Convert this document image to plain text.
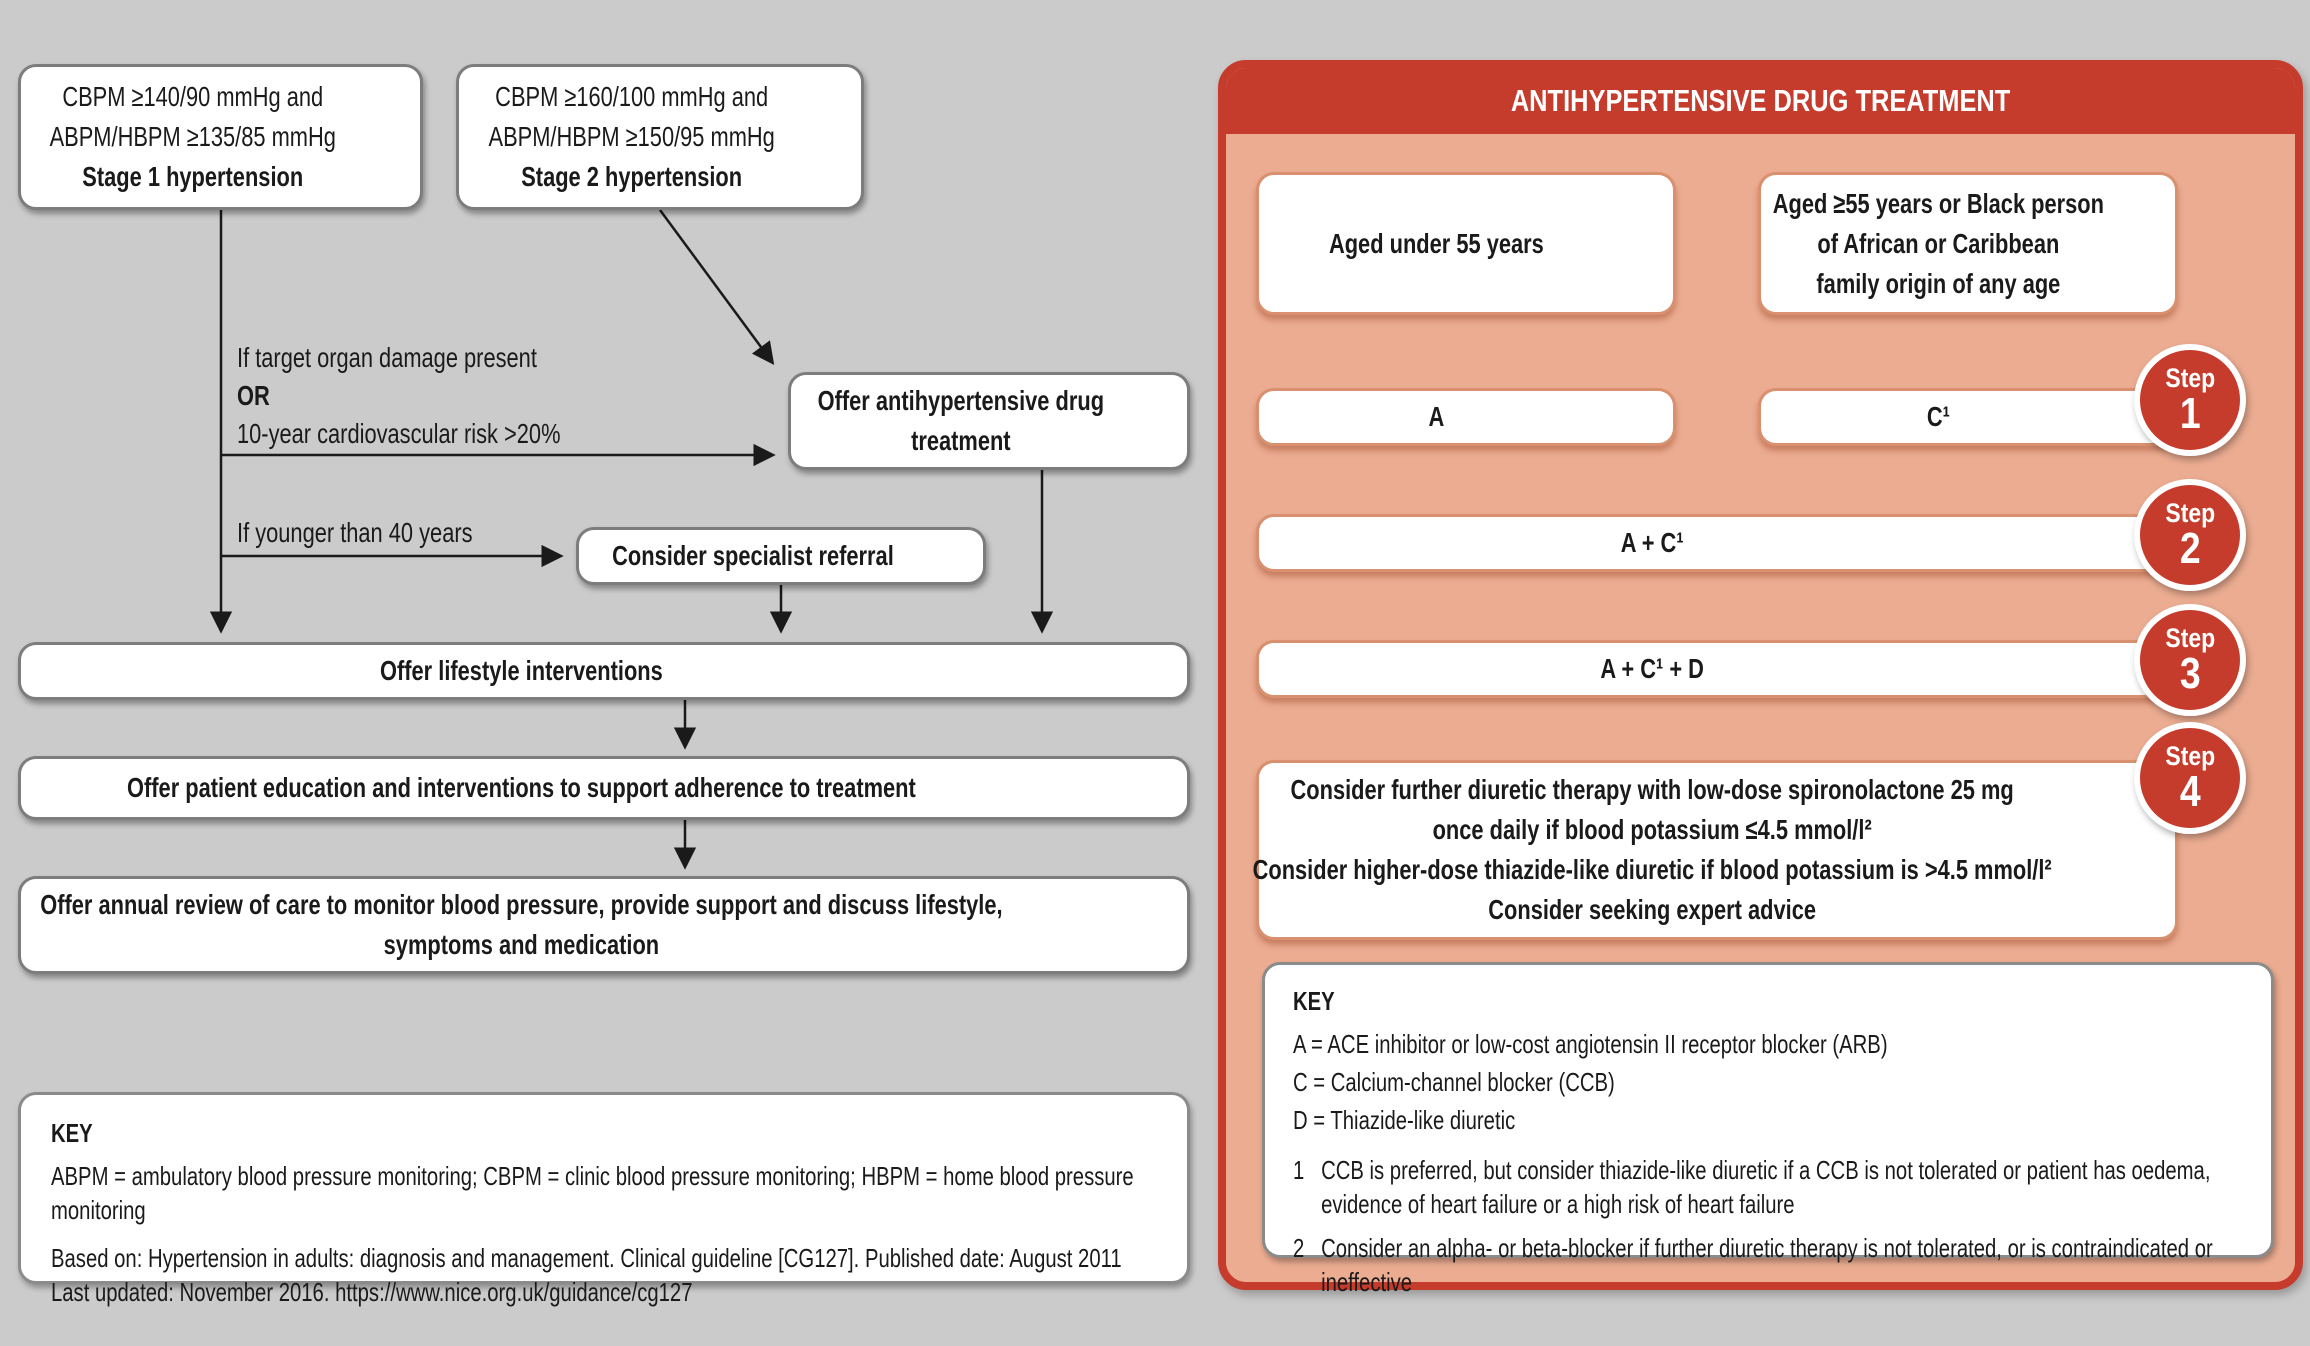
CBPM ≥140/90 mmHg and
ABPM/HBPM ≥135/85 mmHg
Stage 1 hypertension
CBPM ≥160/100 mmHg and
ABPM/HBPM ≥150/95 mmHg
Stage 2 hypertension
If target organ damage present
OR
10-year cardiovascular risk >20%
Offer antihypertensive drug
treatment
If younger than 40 years
Consider specialist referral
Offer lifestyle interventions
Offer patient education and interventions to support adherence to treatment
Offer annual review of care to monitor blood pressure, provide support and discuss lifestyle,
symptoms and medication
KEY
ABPM = ambulatory blood pressure monitoring; CBPM = clinic blood pressure monitoring; HBPM = home blood pressure monitoring
Based on: Hypertension in adults: diagnosis and management. Clinical guideline [CG127]. Published date: August 2011 Last updated: November 2016. https://www.nice.org.uk/guidance/cg127
ANTIHYPERTENSIVE DRUG TREATMENT
Aged under 55 years
Aged ≥55 years or Black person
of African or Caribbean
family origin of any age
A	C¹
A + C¹
A + C¹ + D
Consider further diuretic therapy with low-dose spironolactone 25 mg
once daily if blood potassium ≤4.5 mmol/l²
Consider higher-dose thiazide-like diuretic if blood potassium is >4.5 mmol/l²
Consider seeking expert advice
Step
1
Step
2
Step
3
Step
4
KEY
A = ACE inhibitor or low-cost angiotensin II receptor blocker (ARB)
C = Calcium-channel blocker (CCB)
D = Thiazide-like diuretic
1 CCB is preferred, but consider thiazide-like diuretic if a CCB is not tolerated or patient has oedema, evidence of heart failure or a high risk of heart failure
2 Consider an alpha- or beta-blocker if further diuretic therapy is not tolerated, or is contraindicated or ineffective
